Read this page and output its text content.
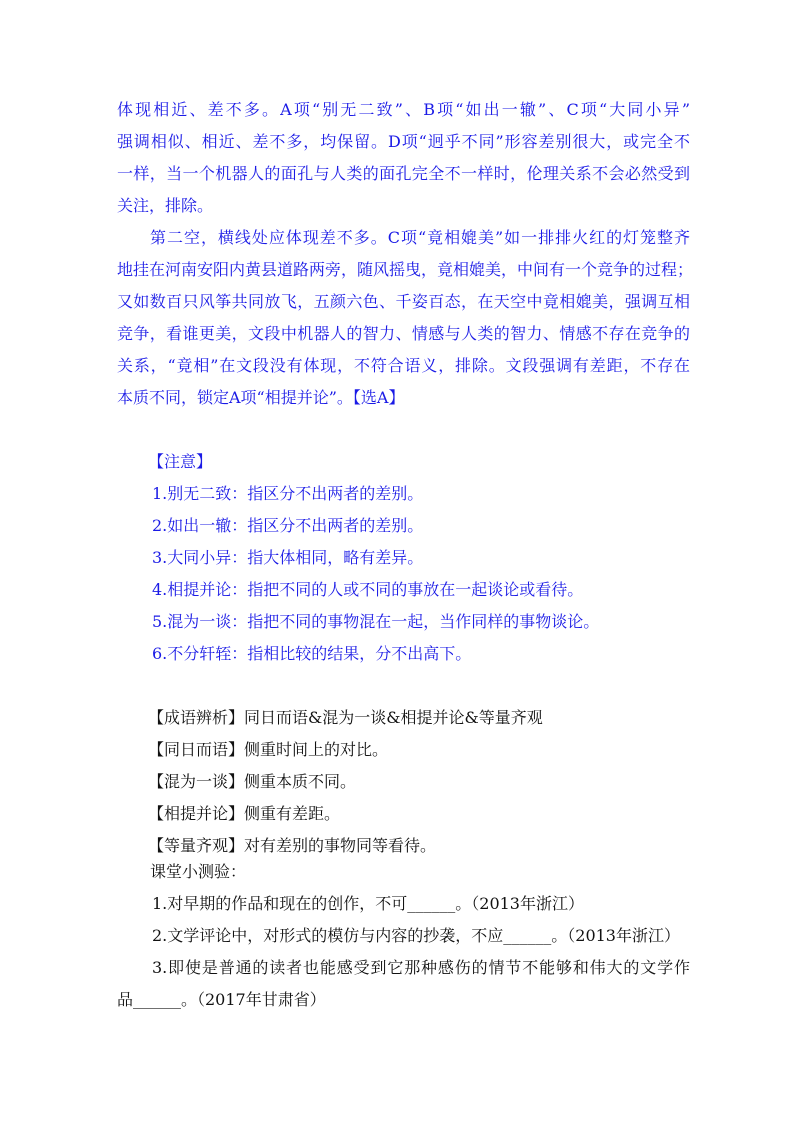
体现相近、差不多。A项“别无二致”、B项“如出一辙”、C项“大同小异”
强调相似、相近、差不多，均保留。D项“迥乎不同”形容差别很大，或完全不
一样，当一个机器人的面孔与人类的面孔完全不一样时，伦理关系不会必然受到
关注，排除。
第二空，横线处应体现差不多。C项“竟相媲美”如一排排火红的灯笼整齐
地挂在河南安阳内黄县道路两旁，随风摇曳，竟相媲美，中间有一个竞争的过程；
又如数百只风筝共同放飞，五颜六色、千姿百态，在天空中竟相媲美，强调互相
竞争，看谁更美，文段中机器人的智力、情感与人类的智力、情感不存在竞争的
关系，“竟相”在文段没有体现，不符合语义，排除。文段强调有差距，不存在
本质不同，锁定A项“相提并论”。【选A】
【注意】
1.别无二致：指区分不出两者的差别。
2.如出一辙：指区分不出两者的差别。
3.大同小异：指大体相同，略有差异。
4.相提并论：指把不同的人或不同的事放在一起谈论或看待。
5.混为一谈：指把不同的事物混在一起，当作同样的事物谈论。
6.不分轩轾：指相比较的结果，分不出高下。
【成语辨析】同日而语&混为一谈&相提并论&等量齐观
【同日而语】侧重时间上的对比。
【混为一谈】侧重本质不同。
【相提并论】侧重有差距。
【等量齐观】对有差别的事物同等看待。
课堂小测验：
1.对早期的作品和现在的创作，不可______。（2013年浙江）
2.文学评论中，对形式的模仿与内容的抄袭，不应______。（2013年浙江）
3.即使是普通的读者也能感受到它那种感伤的情节不能够和伟大的文学作
品______。（2017年甘肃省）
